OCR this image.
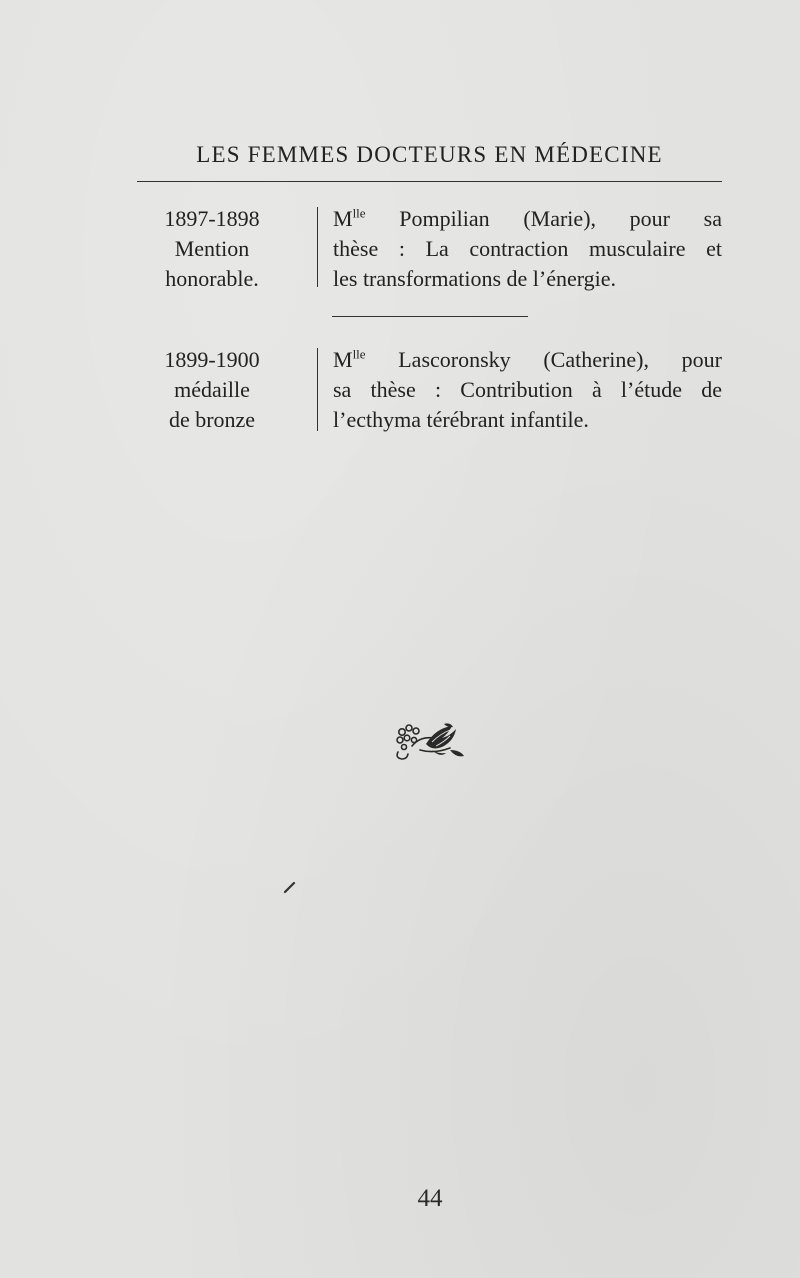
LES FEMMES DOCTEURS EN MÉDECINE
1897-1898
Mention
honorable.
$M^{lle}$ Pompilian (Marie), pour sa
thèse : La contraction musculaire et
les transformations de l’énergie.
1899-1900
médaille
de bronze
$M^{lle}$ Lascoronsky (Catherine), pour
sa thèse : Contribution à l’étude de
l’ecthyma térébrant infantile.
44
